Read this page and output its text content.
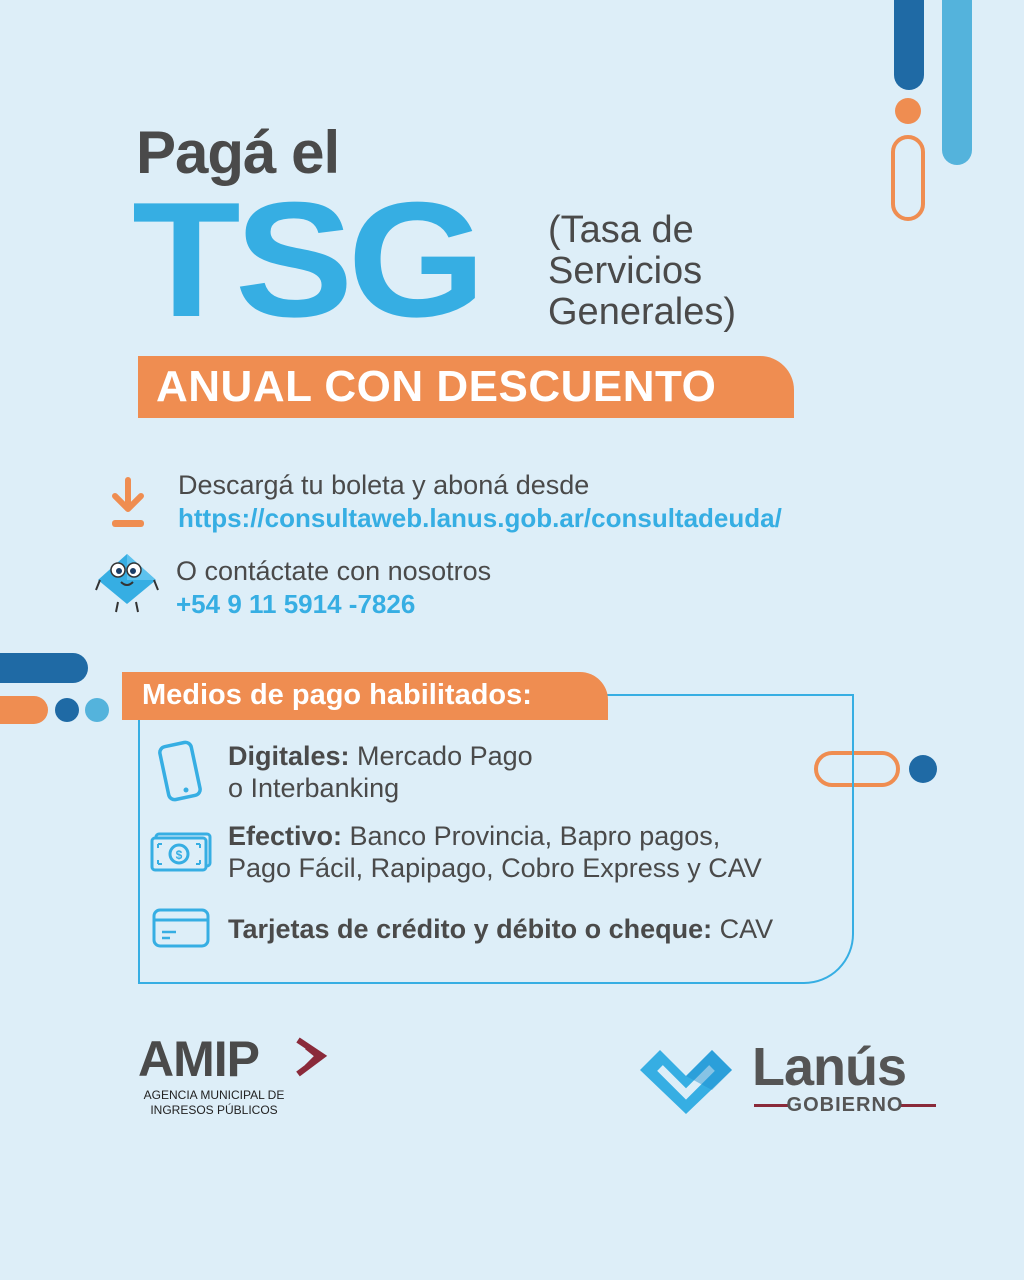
Pagá el
TSG (Tasa de
Servicios
Generales)
ANUAL CON DESCUENTO
Descargá tu boleta y aboná desde
https://consultaweb.lanus.gob.ar/consultadeuda/
O contáctate con nosotros
+54 9 11 5914 -7826
Medios de pago habilitados:
Digitales: Mercado Pago
o Interbanking
$
Efectivo: Banco Provincia, Bapro pagos,
Pago Fácil, Rapipago, Cobro Express y CAV
Tarjetas de crédito y débito o cheque: CAV
AMIP
AGENCIA MUNICIPAL DE
INGRESOS PÚBLICOS
Lanús
GOBIERNO
